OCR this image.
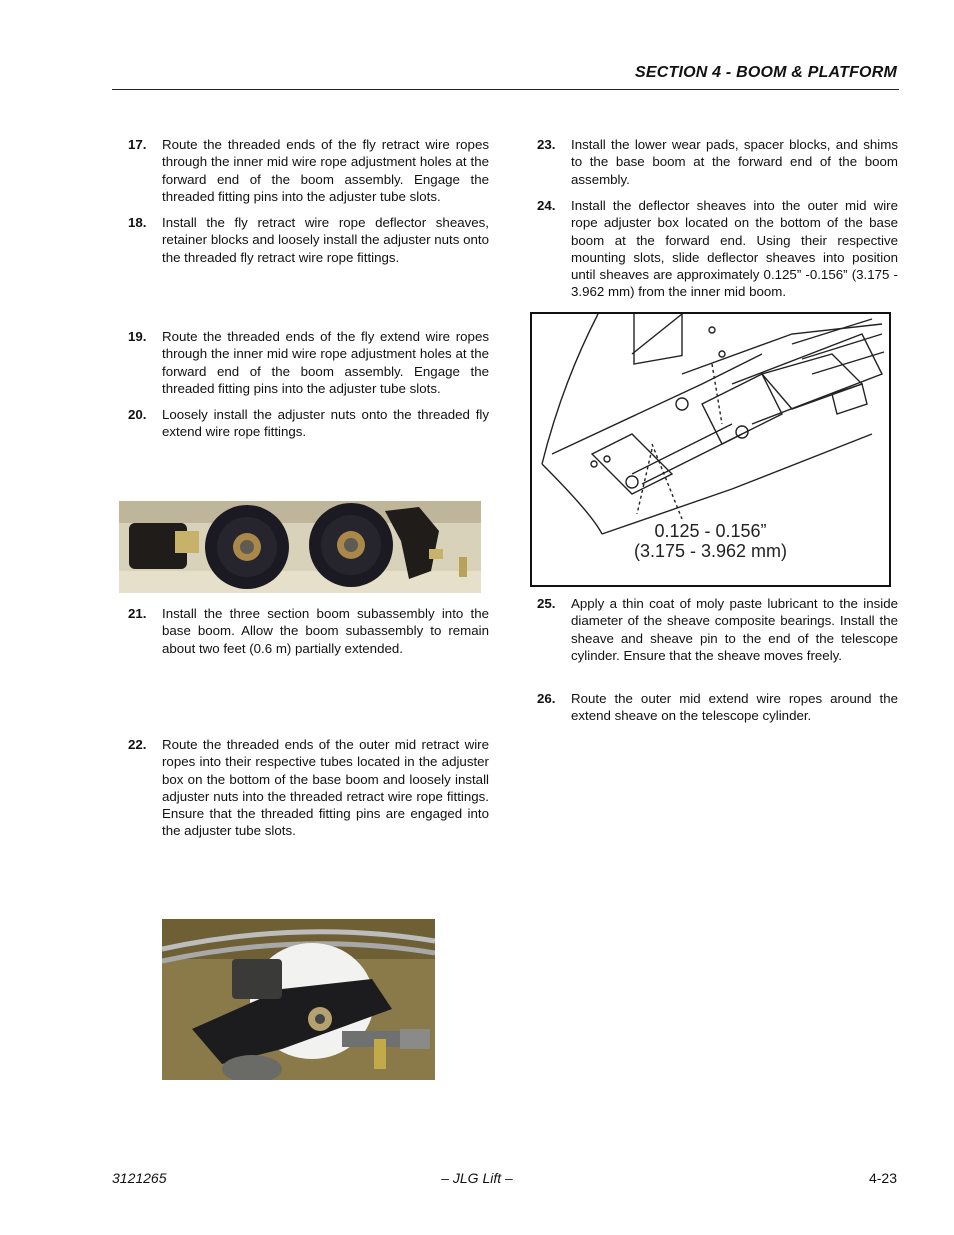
SECTION 4 - BOOM & PLATFORM
17.	Route the threaded ends of the fly retract wire ropes through the inner mid wire rope adjustment holes at the forward end of the boom assembly. Engage the threaded fitting pins into the adjuster tube slots.
18.	Install the fly retract wire rope deflector sheaves, retainer blocks and loosely install the adjuster nuts onto the threaded fly retract wire rope fittings.
19.	Route the threaded ends of the fly extend wire ropes through the inner mid wire rope adjustment holes at the forward end of the boom assembly. Engage the threaded fitting pins into the adjuster tube slots.
20.	Loosely install the adjuster nuts onto the threaded fly extend wire rope fittings.
21.	Install the three section boom subassembly into the base boom. Allow the boom subassembly to remain about two feet (0.6 m) partially extended.
22.	Route the threaded ends of the outer mid retract wire ropes into their respective tubes located in the adjuster box on the bottom of the base boom and loosely install adjuster nuts into the threaded retract wire rope fittings. Ensure that the threaded fitting pins are engaged into the adjuster tube slots.
23.	Install the lower wear pads, spacer blocks, and shims to the base boom at the forward end of the boom assembly.
24.	Install the deflector sheaves into the outer mid wire rope adjuster box located on the bottom of the base boom at the forward end. Using their respective mounting slots, slide deflector sheaves into position until sheaves are approximately 0.125” -0.156” (3.175 - 3.962 mm) from the inner mid boom.
0.125 - 0.156”
(3.175 - 3.962 mm)
25.	Apply a thin coat of moly paste lubricant to the inside diameter of the sheave composite bearings. Install the sheave and sheave pin to the end of the telescope cylinder. Ensure that the sheave moves freely.
26.	Route the outer mid extend wire ropes around the extend sheave on the telescope cylinder.
3121265	– JLG Lift –	4-23
